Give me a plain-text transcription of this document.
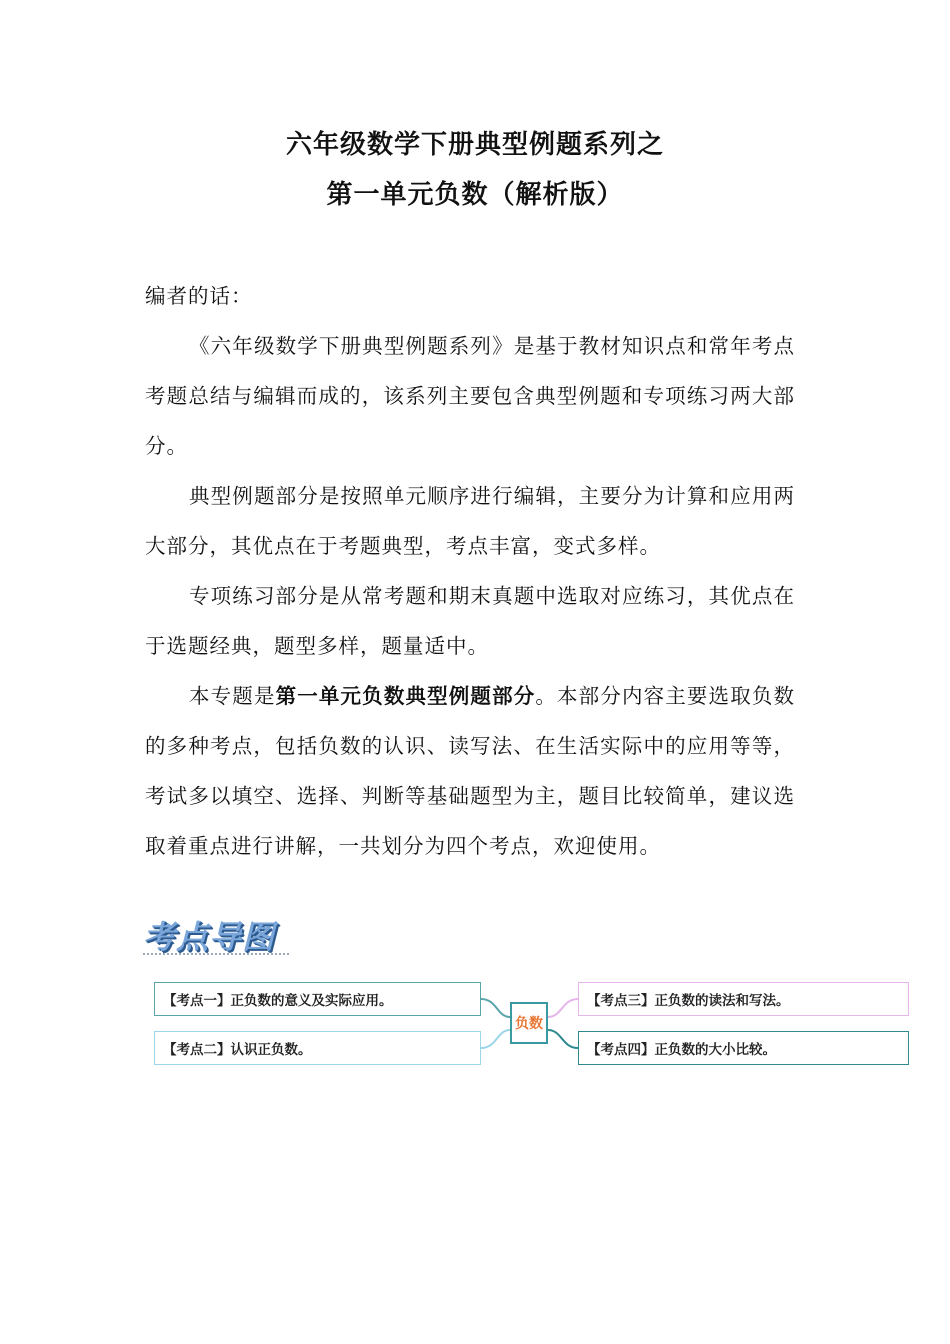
六年级数学下册典型例题系列之
第一单元负数（解析版）

编者的话：

《六年级数学下册典型例题系列》是基于教材知识点和常年考点考题总结与编辑而成的，该系列主要包含典型例题和专项练习两大部分。

典型例题部分是按照单元顺序进行编辑，主要分为计算和应用两大部分，其优点在于考题典型，考点丰富，变式多样。

专项练习部分是从常考题和期末真题中选取对应练习，其优点在于选题经典，题型多样，题量适中。

本专题是第一单元负数典型例题部分。本部分内容主要选取负数的多种考点，包括负数的认识、读写法、在生活实际中的应用等等，考试多以填空、选择、判断等基础题型为主，题目比较简单，建议选取着重点进行讲解，一共划分为四个考点，欢迎使用。

考点导图
【考点一】正负数的意义及实际应用。
【考点二】认识正负数。
【考点三】正负数的读法和写法。
【考点四】正负数的大小比较。
负数
